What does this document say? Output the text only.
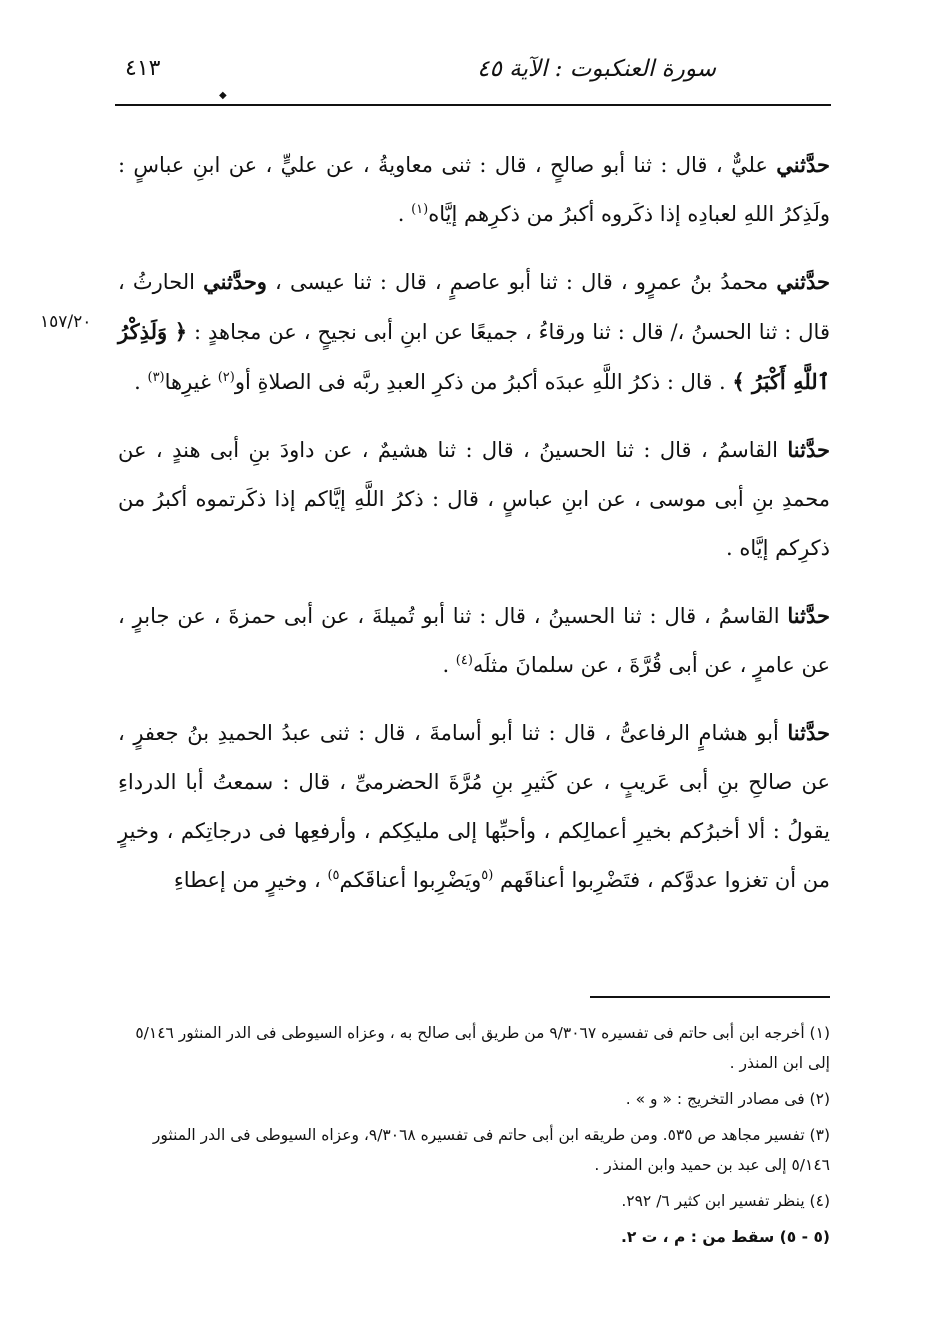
٤١٣	سورة العنكبوت : الآية ٤٥
◆
١٥٧/٢٠

حدَّثني عليٌّ ، قال : ثنا أبو صالحٍ ، قال : ثنى معاويةُ ، عن عليٍّ ، عن ابنِ عباسٍ : ولَذِكرُ اللهِ لعبادِه إذا ذكَروه أكبرُ من ذكرِهم إيَّاه$^{(١)}$ .

حدَّثني محمدُ بنُ عمرٍو ، قال : ثنا أبو عاصمٍ ، قال : ثنا عيسى ، وحدَّثني الحارثُ ، قال : ثنا الحسنُ ،/ قال : ثنا ورقاءُ ، جميعًا عن ابنِ أبى نجيحٍ ، عن مجاهدٍ : ﴿ وَلَذِكْرُ ٱللَّهِ أَكْبَرُ ﴾ . قال : ذكرُ اللَّهِ عبدَه أكبرُ من ذكرِ العبدِ ربَّه فى الصلاةِ أو$^{(٢)}$ غيرِها$^{(٣)}$ .

حدَّثنا القاسمُ ، قال : ثنا الحسينُ ، قال : ثنا هشيمٌ ، عن داودَ بنِ أبى هندٍ ، عن محمدِ بنِ أبى موسى ، عن ابنِ عباسٍ ، قال : ذكرُ اللَّهِ إيَّاكم إذا ذكَرتموه أكبرُ من ذكرِكم إيَّاه .

حدَّثنا القاسمُ ، قال : ثنا الحسينُ ، قال : ثنا أبو تُميلةَ ، عن أبى حمزةَ ، عن جابرٍ ، عن عامرٍ ، عن أبى قُرَّةَ ، عن سلمانَ مثلَه$^{(٤)}$ .

حدَّثنا أبو هشامٍ الرفاعىُّ ، قال : ثنا أبو أسامةَ ، قال : ثنى عبدُ الحميدِ بنُ جعفرٍ ، عن صالحِ بنِ أبى عَريبٍ ، عن كَثيرِ بنِ مُرَّةَ الحضرمىِّ ، قال : سمعتُ أبا الدرداءِ يقولُ : ألا أخبرُكم بخيرِ أعمالِكم ، وأحبِّها إلى مليكِكم ، وأرفعِها فى درجاتِكم ، وخيرٍ من أن تغزوا عدوَّكم ، فتَضْرِبوا أعناقَهم $^{(٥}$ويَضْرِبوا أعناقَكم$^{٥)}$ ، وخيرٍ من إعطاءِ

(١) أخرجه ابن أبى حاتم فى تفسيره ٩/٣٠٦٧ من طريق أبى صالح به ، وعزاه السيوطى فى الدر المنثور ٥/١٤٦ إلى ابن المنذر .

(٢) فى مصادر التخريج : « و » .

(٣) تفسير مجاهد ص ٥٣٥. ومن طريقه ابن أبى حاتم فى تفسيره ٩/٣٠٦٨، وعزاه السيوطى فى الدر المنثور ٥/١٤٦ إلى عبد بن حميد وابن المنذر .

(٤) ينظر تفسير ابن كثير ٦/ ٢٩٢.

(٥ - ٥) سقط من : م ، ت ٢.
